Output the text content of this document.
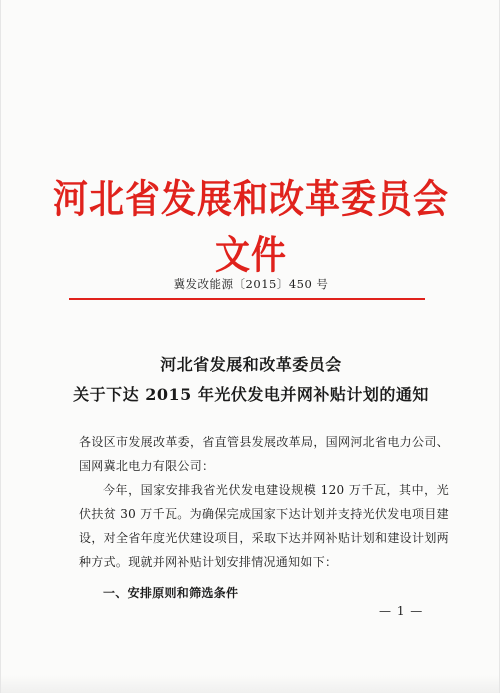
河北省发展和改革委员会文件
冀发改能源〔2015〕450 号
河北省发展和改革委员会
关于下达 2015 年光伏发电并网补贴计划的通知

各设区市发展改革委，省直管县发展改革局，国网河北省电力公司、国网冀北电力有限公司：

今年，国家安排我省光伏发电建设规模 120 万千瓦，其中，光伏扶贫 30 万千瓦。为确保完成国家下达计划并支持光伏发电项目建设，对全省年度光伏建设项目，采取下达并网补贴计划和建设计划两种方式。现就并网补贴计划安排情况通知如下：

一、安排原则和筛选条件
— 1 —
